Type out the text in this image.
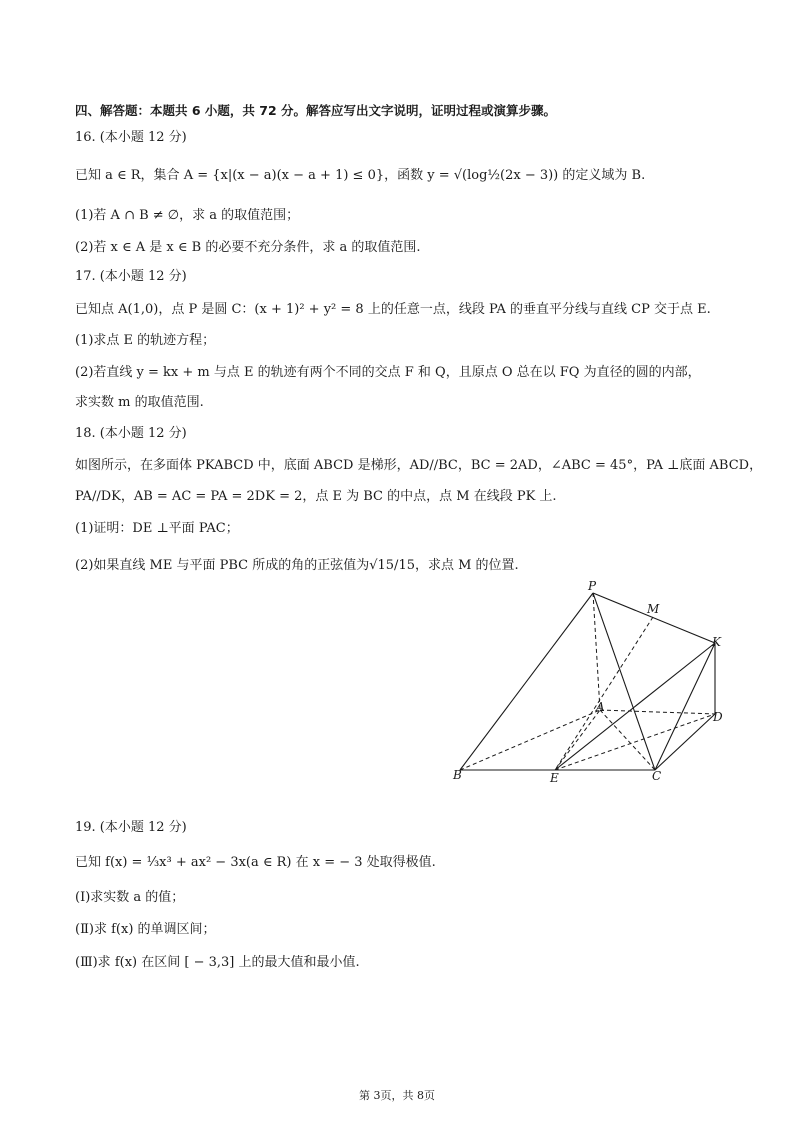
四、解答题：本题共 6 小题，共 72 分。解答应写出文字说明，证明过程或演算步骤。
16. (本小题 12 分)
已知 a ∈ R，集合 A = {x|(x − a)(x − a + 1) ≤ 0}，函数 y = √(log½(2x − 3)) 的定义域为 B.
(1)若 A ∩ B ≠ ∅，求 a 的取值范围；
(2)若 x ∈ A 是 x ∈ B 的必要不充分条件，求 a 的取值范围.
17. (本小题 12 分)
已知点 A(1,0)，点 P 是圆 C：(x + 1)² + y² = 8 上的任意一点，线段 PA 的垂直平分线与直线 CP 交于点 E.
(1)求点 E 的轨迹方程；
(2)若直线 y = kx + m 与点 E 的轨迹有两个不同的交点 F 和 Q，且原点 O 总在以 FQ 为直径的圆的内部，
求实数 m 的取值范围.
18. (本小题 12 分)
如图所示，在多面体 PKABCD 中，底面 ABCD 是梯形，AD//BC，BC = 2AD，∠ABC = 45°，PA ⊥底面 ABCD，
PA//DK，AB = AC = PA = 2DK = 2，点 E 为 BC 的中点，点 M 在线段 PK 上.
(1)证明：DE ⊥平面 PAC；
(2)如果直线 ME 与平面 PBC 所成的角的正弦值为√15/15，求点 M 的位置.
P
M
K
A
D
B	E	C
19. (本小题 12 分)
已知 f(x) = ⅓x³ + ax² − 3x(a ∈ R) 在 x = − 3 处取得极值.
(Ⅰ)求实数 a 的值；
(Ⅱ)求 f(x) 的单调区间；
(Ⅲ)求 f(x) 在区间 [ − 3,3] 上的最大值和最小值.
第 3页，共 8页
